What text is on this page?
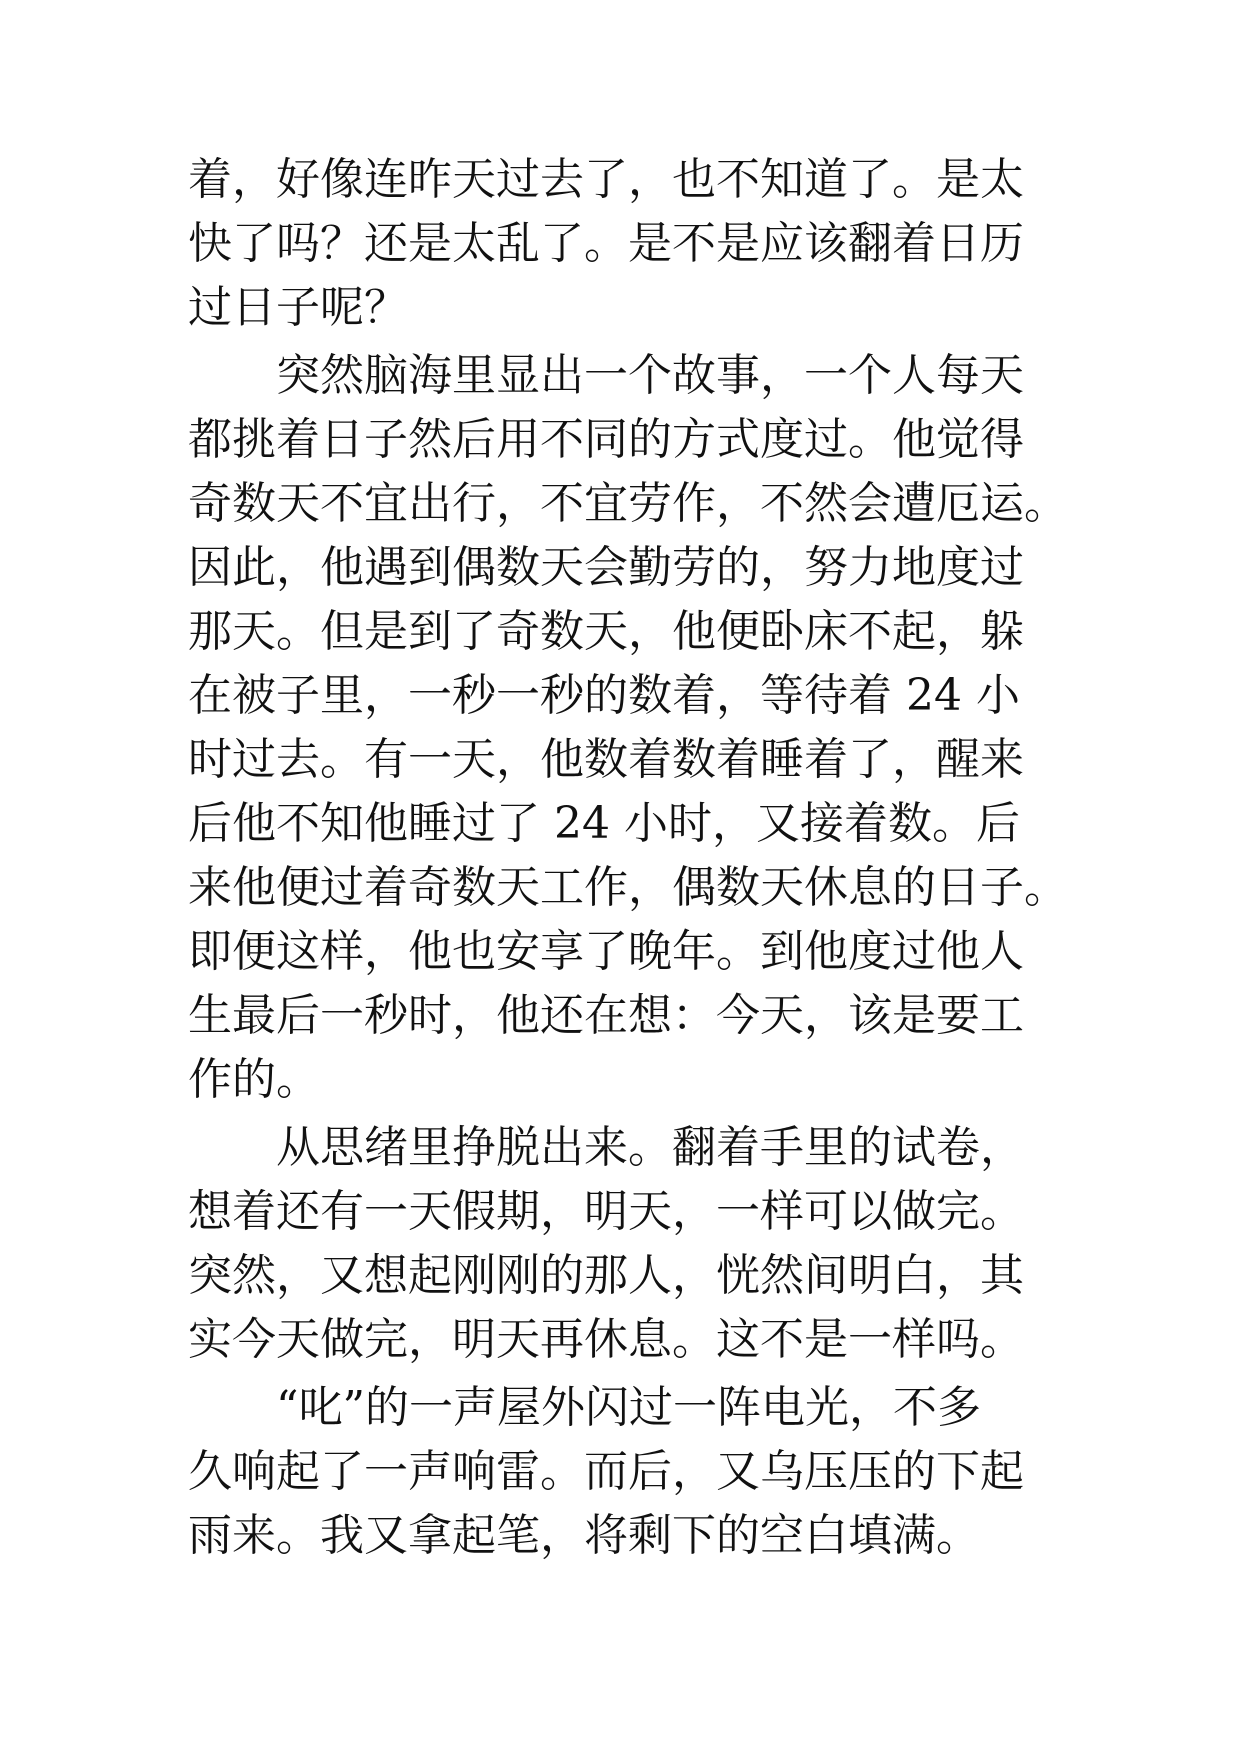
着，好像连昨天过去了，也不知道了。是太
快了吗？还是太乱了。是不是应该翻着日历
过日子呢？
　　突然脑海里显出一个故事，一个人每天
都挑着日子然后用不同的方式度过。他觉得
奇数天不宜出行，不宜劳作，不然会遭厄运。
因此，他遇到偶数天会勤劳的，努力地度过
那天。但是到了奇数天，他便卧床不起，躲
在被子里，一秒一秒的数着，等待着 24 小
时过去。有一天，他数着数着睡着了，醒来
后他不知他睡过了 24 小时，又接着数。后
来他便过着奇数天工作，偶数天休息的日子。
即便这样，他也安享了晚年。到他度过他人
生最后一秒时，他还在想：今天，该是要工
作的。
　　从思绪里挣脱出来。翻着手里的试卷，
想着还有一天假期，明天，一样可以做完。
突然，又想起刚刚的那人，恍然间明白，其
实今天做完，明天再休息。这不是一样吗。
　　“叱”的一声屋外闪过一阵电光，不多
久响起了一声响雷。而后，又乌压压的下起
雨来。我又拿起笔，将剩下的空白填满。
